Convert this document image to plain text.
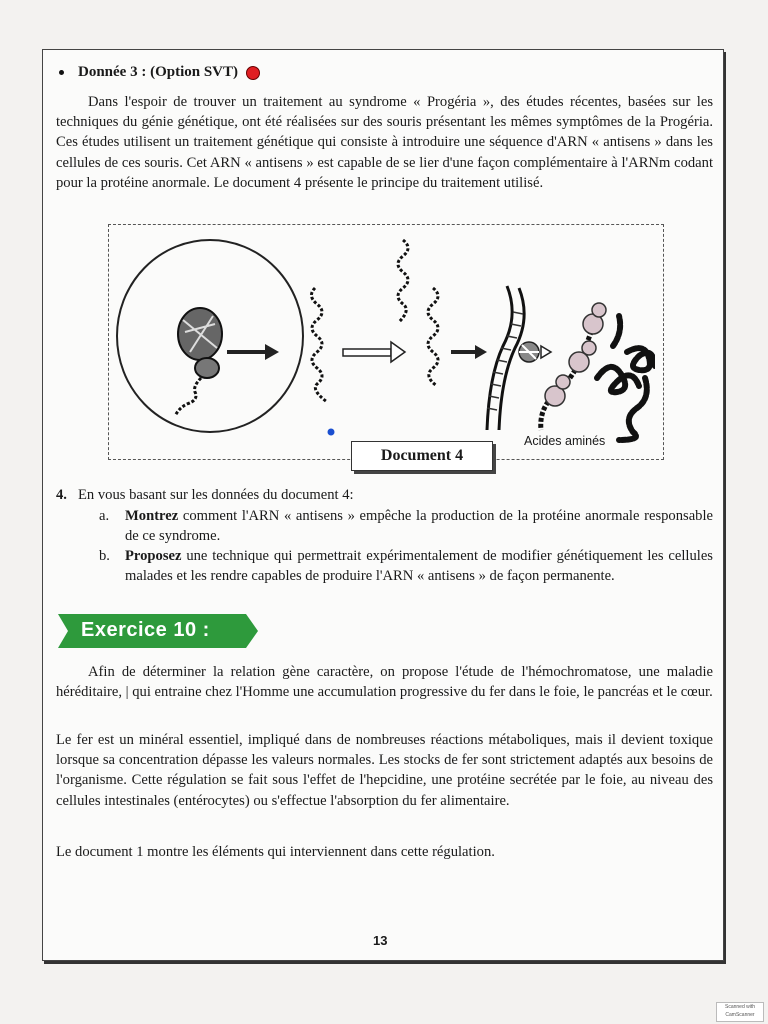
Donnée 3 : (Option SVT)

Dans l'espoir de trouver un traitement au syndrome « Progéria », des études récentes, basées sur les techniques du génie génétique, ont été réalisées sur des souris présentant les mêmes symptômes de la Progéria. Ces études utilisent un traitement génétique qui consiste à introduire une séquence d'ARN « antisens » dans les cellules de ces souris. Cet ARN « antisens » est capable de se lier d'une façon complémentaire à l'ARNm codant pour la protéine anormale. Le document 4 présente le principe du traitement utilisé.

Acides aminés
Document 4
4. En vous basant sur les données du document 4:
a. Montrez comment l'ARN « antisens » empêche la production de la protéine anormale responsable de ce syndrome.
b. Proposez une technique qui permettrait expérimentalement de modifier génétiquement les cellules malades et les rendre capables de produire l'ARN « antisens » de façon permanente.
Exercice 10 :

Afin de déterminer la relation gène caractère, on propose l'étude de l'hémochromatose, une maladie héréditaire, | qui entraine chez l'Homme une accumulation progressive du fer dans le foie, le pancréas et le cœur.

Le fer est un minéral essentiel, impliqué dans de nombreuses réactions métaboliques, mais il devient toxique lorsque sa concentration dépasse les valeurs normales. Les stocks de fer sont strictement adaptés aux besoins de l'organisme. Cette régulation se fait sous l'effet de l'hepcidine, une protéine secrétée par le foie, au niveau des cellules intestinales (entérocytes) ou s'effectue l'absorption du fer alimentaire.

Le document 1 montre les éléments qui interviennent dans cette régulation.

13
Scanned with CamScanner
